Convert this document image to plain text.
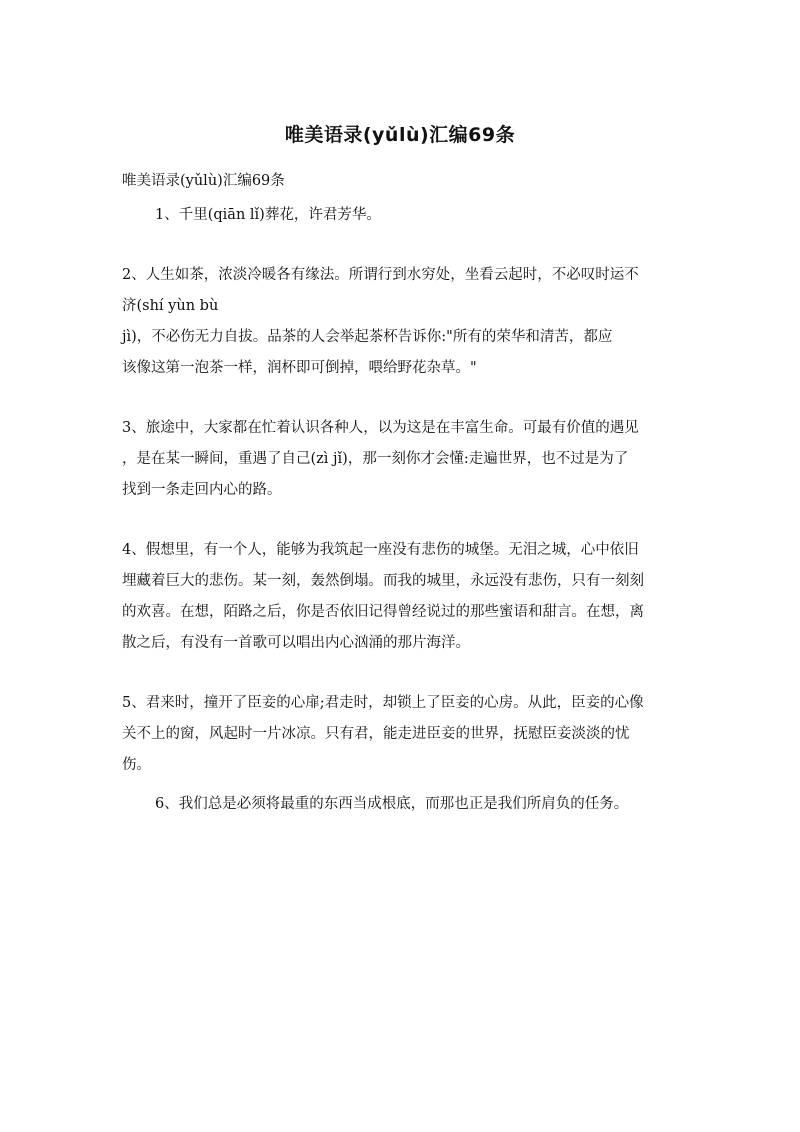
唯美语录(yǔlù)汇编69条
唯美语录(yǔlù)汇编69条

1、千里(qiān lǐ)葬花，许君芳华。

2、人生如茶，浓淡冷暖各有缘法。所谓行到水穷处，坐看云起时，不必叹时运不
济(shí yùn bù
jì)，不必伤无力自拔。品茶的人会举起茶杯告诉你:"所有的荣华和清苦，都应
该像这第一泡茶一样，润杯即可倒掉，喂给野花杂草。"

3、旅途中，大家都在忙着认识各种人，以为这是在丰富生命。可最有价值的遇见
，是在某一瞬间，重遇了自己(zì jǐ)，那一刻你才会懂:走遍世界，也不过是为了
找到一条走回内心的路。

4、假想里，有一个人，能够为我筑起一座没有悲伤的城堡。无泪之城，心中依旧
埋藏着巨大的悲伤。某一刻，轰然倒塌。而我的城里，永远没有悲伤，只有一刻刻
的欢喜。在想，陌路之后，你是否依旧记得曾经说过的那些蜜语和甜言。在想，离
散之后，有没有一首歌可以唱出内心汹涌的那片海洋。

5、君来时，撞开了臣妾的心扉;君走时，却锁上了臣妾的心房。从此，臣妾的心像
关不上的窗，风起时一片冰凉。只有君，能走进臣妾的世界，抚慰臣妾淡淡的忧
伤。

6、我们总是必须将最重的东西当成根底，而那也正是我们所肩负的任务。
